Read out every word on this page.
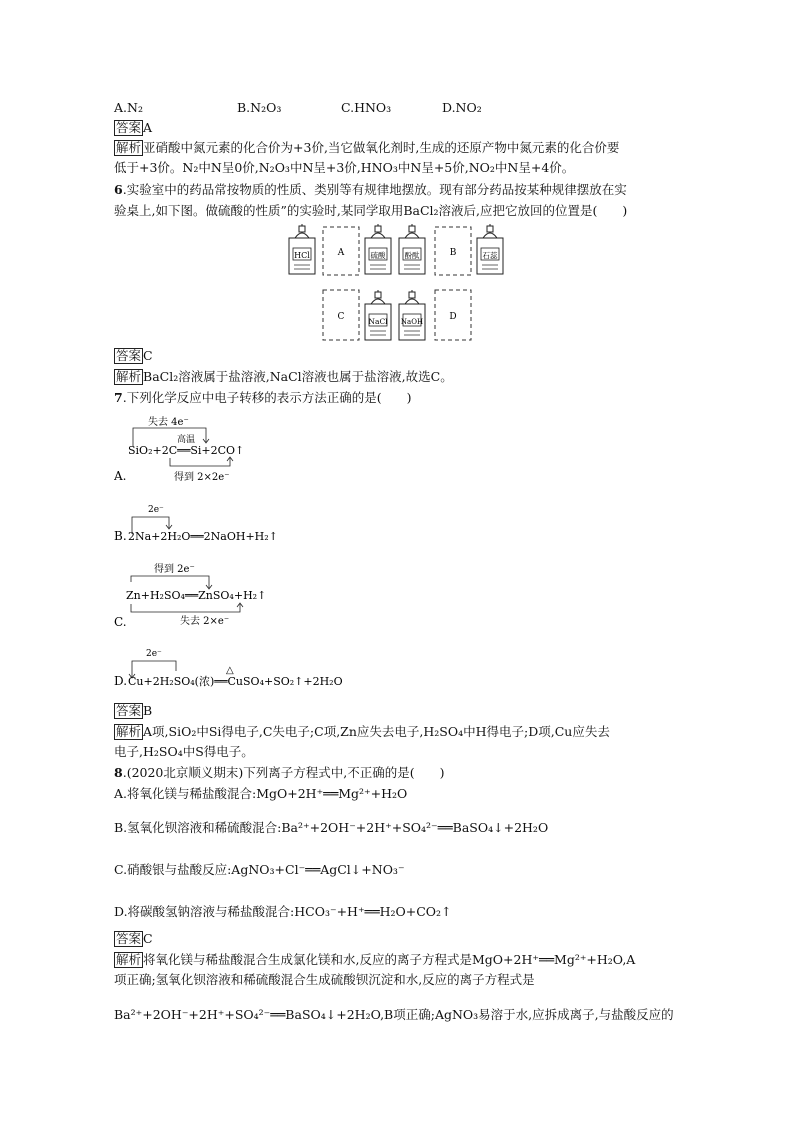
A.N₂	B.N₂O₃	C.HNO₃	D.NO₂
答案 A
解析 亚硝酸中氮元素的化合价为+3价,当它做氧化剂时,生成的还原产物中氮元素的化合价要
低于+3价。N₂中N呈0价,N₂O₃中N呈+3价,HNO₃中N呈+5价,NO₂中N呈+4价。
6.实验室中的药品常按物质的性质、类别等有规律地摆放。现有部分药品按某种规律摆放在实
验桌上,如下图。做硫酸的性质”的实验时,某同学取用BaCl₂溶液后,应把它放回的位置是(　　)
HCl	A	硫酸	酚酞	B	石蕊
C	NaCl NaOH	D
答案 C
解析 BaCl₂溶液属于盐溶液,NaCl溶液也属于盐溶液,故选C。
7.下列化学反应中电子转移的表示方法正确的是(　　)
失去 4e⁻
高温
SiO₂+2C══Si+2CO↑
A.	得到 2×2e⁻
2e⁻
B. 2Na+2H₂O══2NaOH+H₂↑
得到 2e⁻
Zn+H₂SO₄══ZnSO₄+H₂↑
C.	失去 2×e⁻
2e⁻
△
D. Cu+2H₂SO₄(浓)══CuSO₄+SO₂↑+2H₂O
答案 B
解析 A项,SiO₂中Si得电子,C失电子;C项,Zn应失去电子,H₂SO₄中H得电子;D项,Cu应失去
电子,H₂SO₄中S得电子。
8.(2020北京顺义期末)下列离子方程式中,不正确的是(　　)
A.将氧化镁与稀盐酸混合:MgO+2H⁺══Mg²⁺+H₂O
B.氢氧化钡溶液和稀硫酸混合:Ba²⁺+2OH⁻+2H⁺+SO₄²⁻══BaSO₄↓+2H₂O
C.硝酸银与盐酸反应:AgNO₃+Cl⁻══AgCl↓+NO₃⁻
D.将碳酸氢钠溶液与稀盐酸混合:HCO₃⁻+H⁺══H₂O+CO₂↑
答案 C
解析 将氧化镁与稀盐酸混合生成氯化镁和水,反应的离子方程式是MgO+2H⁺══Mg²⁺+H₂O,A
项正确;氢氧化钡溶液和稀硫酸混合生成硫酸钡沉淀和水,反应的离子方程式是
Ba²⁺+2OH⁻+2H⁺+SO₄²⁻══BaSO₄↓+2H₂O,B项正确;AgNO₃易溶于水,应拆成离子,与盐酸反应的
